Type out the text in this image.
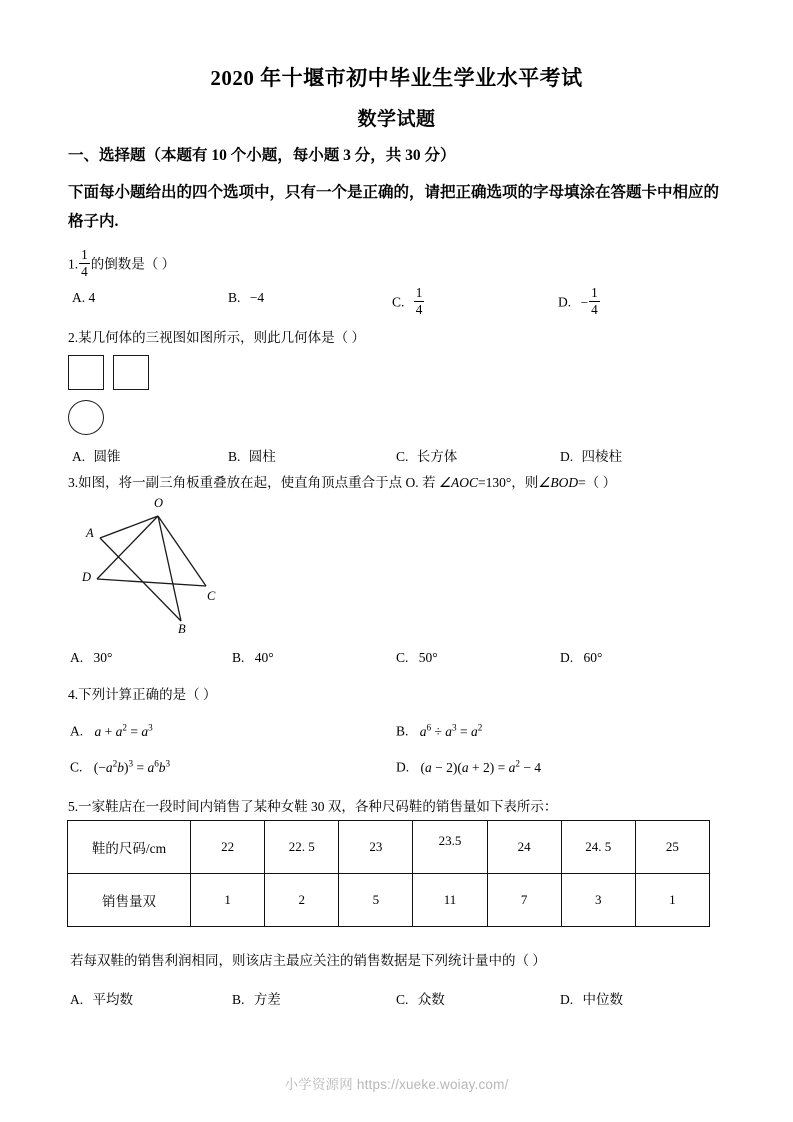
2020 年十堰市初中毕业生学业水平考试
数学试题
一、选择题（本题有 10 个小题，每小题 3 分，共 30 分）
下面每小题给出的四个选项中，只有一个是正确的，请把正确选项的字母填涂在答题卡中相应的格子内.
1. $\frac{1}{4}$ 的倒数是（ ）
A. 4	B. −4	C. $\frac{1}{4}$	D. − $\frac{1}{4}$
2.某几何体的三视图如图所示，则此几何体是（ ）
A. 圆锥	B. 圆柱	C. 长方体	D. 四棱柱
3.如图，将一副三角板重叠放在起，使直角顶点重合于点 O. 若 ∠AOC=130°，则∠BOD=（ ）
O
A
D
C
B
A. 30°	B. 40°	C. 50°	D. 60°
4.下列计算正确的是（ ）
A. $a + a^2 = a^3$	B. $a^6 \div a^3 = a^2$
C. $(-a^2b)^3 = a^6b^3$	D. $(a - 2)(a + 2) = a^2 - 4$
5.一家鞋店在一段时间内销售了某种女鞋 30 双，各种尺码鞋的销售量如下表所示：
鞋的尺码/cm	22	22. 5	23	23.5	24	24. 5	25
销售量双	1	2	5	11	7	3	1
若每双鞋的销售利润相同，则该店主最应关注的销售数据是下列统计量中的（ ）
A. 平均数	B. 方差	C. 众数	D. 中位数
小学资源网 https://xueke.woiay.com/
